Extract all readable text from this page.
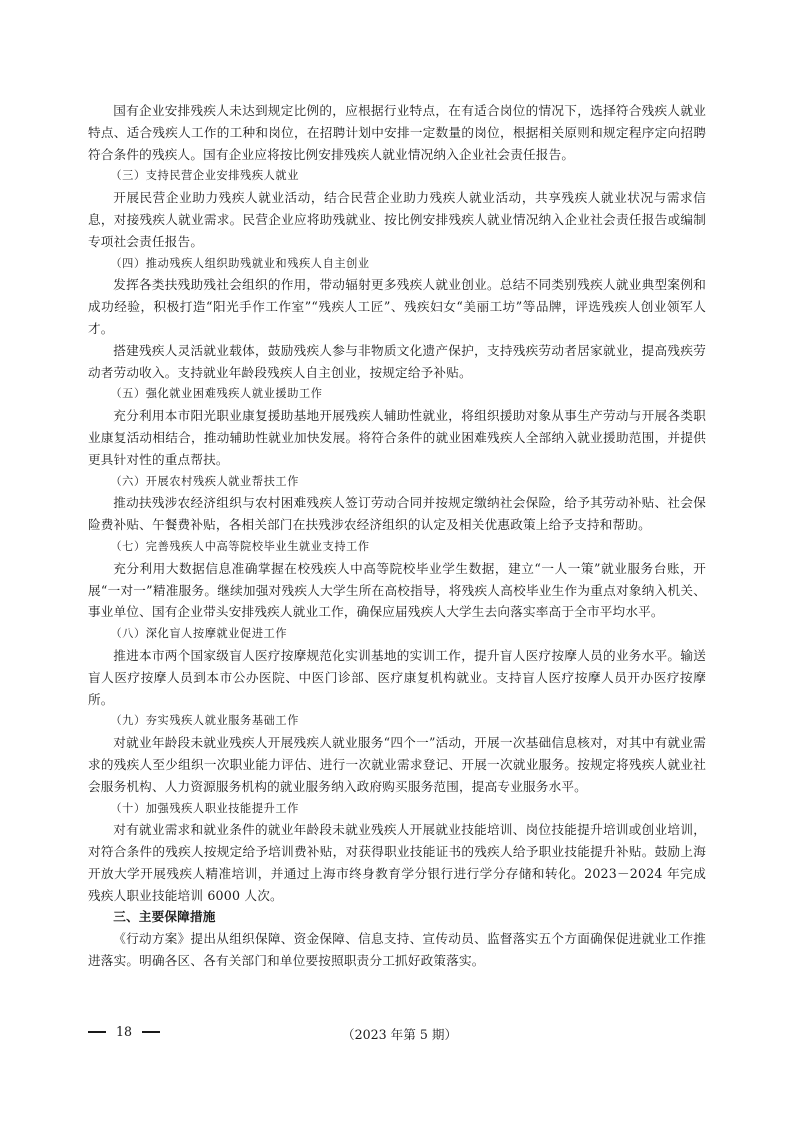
国有企业安排残疾人未达到规定比例的，应根据行业特点，在有适合岗位的情况下，选择符合残疾人就业特点、适合残疾人工作的工种和岗位，在招聘计划中安排一定数量的岗位，根据相关原则和规定程序定向招聘符合条件的残疾人。国有企业应将按比例安排残疾人就业情况纳入企业社会责任报告。

（三）支持民营企业安排残疾人就业

开展民营企业助力残疾人就业活动，结合民营企业助力残疾人就业活动，共享残疾人就业状况与需求信息，对接残疾人就业需求。民营企业应将助残就业、按比例安排残疾人就业情况纳入企业社会责任报告或编制专项社会责任报告。

（四）推动残疾人组织助残就业和残疾人自主创业

发挥各类扶残助残社会组织的作用，带动辐射更多残疾人就业创业。总结不同类别残疾人就业典型案例和成功经验，积极打造“阳光手作工作室”“残疾人工匠”、残疾妇女“美丽工坊”等品牌，评选残疾人创业领军人才。

搭建残疾人灵活就业载体，鼓励残疾人参与非物质文化遗产保护，支持残疾劳动者居家就业，提高残疾劳动者劳动收入。支持就业年龄段残疾人自主创业，按规定给予补贴。

（五）强化就业困难残疾人就业援助工作

充分利用本市阳光职业康复援助基地开展残疾人辅助性就业，将组织援助对象从事生产劳动与开展各类职业康复活动相结合，推动辅助性就业加快发展。将符合条件的就业困难残疾人全部纳入就业援助范围，并提供更具针对性的重点帮扶。

（六）开展农村残疾人就业帮扶工作

推动扶残涉农经济组织与农村困难残疾人签订劳动合同并按规定缴纳社会保险，给予其劳动补贴、社会保险费补贴、午餐费补贴，各相关部门在扶残涉农经济组织的认定及相关优惠政策上给予支持和帮助。

（七）完善残疾人中高等院校毕业生就业支持工作

充分利用大数据信息准确掌握在校残疾人中高等院校毕业学生数据，建立“一人一策”就业服务台账，开展“一对一”精准服务。继续加强对残疾人大学生所在高校指导，将残疾人高校毕业生作为重点对象纳入机关、事业单位、国有企业带头安排残疾人就业工作，确保应届残疾人大学生去向落实率高于全市平均水平。

（八）深化盲人按摩就业促进工作

推进本市两个国家级盲人医疗按摩规范化实训基地的实训工作，提升盲人医疗按摩人员的业务水平。输送盲人医疗按摩人员到本市公办医院、中医门诊部、医疗康复机构就业。支持盲人医疗按摩人员开办医疗按摩所。

（九）夯实残疾人就业服务基础工作

对就业年龄段未就业残疾人开展残疾人就业服务“四个一”活动，开展一次基础信息核对，对其中有就业需求的残疾人至少组织一次职业能力评估、进行一次就业需求登记、开展一次就业服务。按规定将残疾人就业社会服务机构、人力资源服务机构的就业服务纳入政府购买服务范围，提高专业服务水平。

（十）加强残疾人职业技能提升工作

对有就业需求和就业条件的就业年龄段未就业残疾人开展就业技能培训、岗位技能提升培训或创业培训，对符合条件的残疾人按规定给予培训费补贴，对获得职业技能证书的残疾人给予职业技能提升补贴。鼓励上海开放大学开展残疾人精准培训，并通过上海市终身教育学分银行进行学分存储和转化。2023－2024 年完成残疾人职业技能培训 6000 人次。

三、主要保障措施

《行动方案》提出从组织保障、资金保障、信息支持、宣传动员、监督落实五个方面确保促进就业工作推进落实。明确各区、各有关部门和单位要按照职责分工抓好政策落实。

18	（2023 年第 5 期）
